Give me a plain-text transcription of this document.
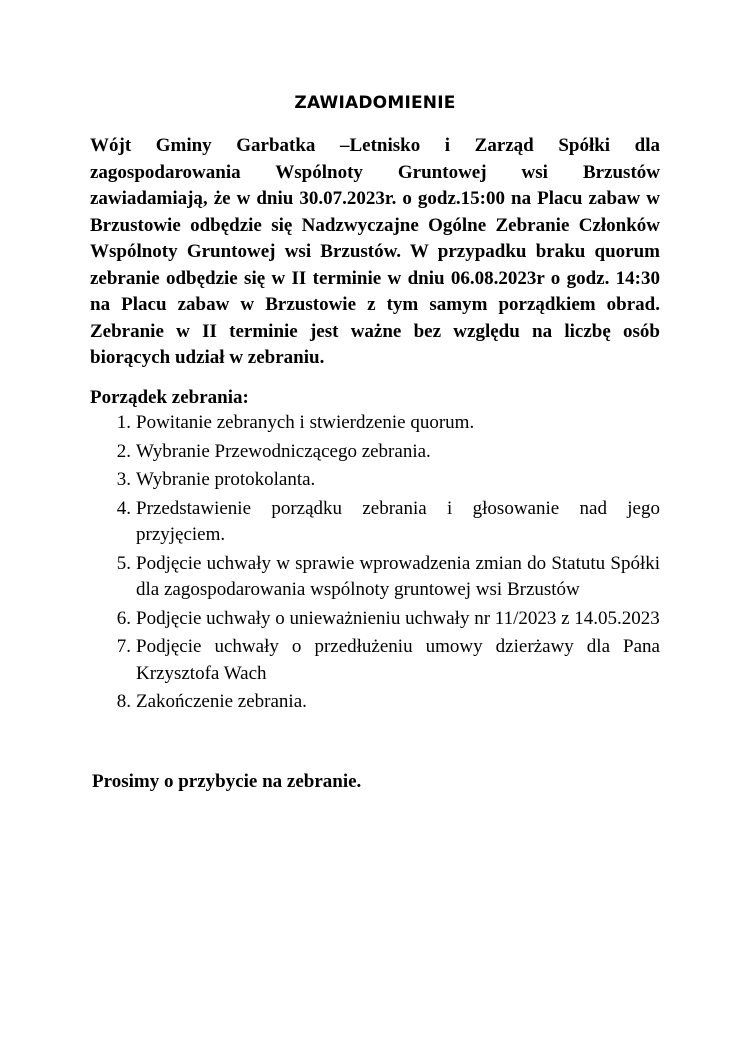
ZAWIADOMIENIE

Wójt Gminy Garbatka –Letnisko i Zarząd Spółki dla zagospodarowania Wspólnoty Gruntowej wsi Brzustów zawiadamiają, że w dniu 30.07.2023r. o godz.15:00 na Placu zabaw w Brzustowie odbędzie się Nadzwyczajne Ogólne Zebranie Członków Wspólnoty Gruntowej wsi Brzustów. W przypadku braku quorum zebranie odbędzie się w II terminie w dniu 06.08.2023r o godz. 14:30 na Placu zabaw w Brzustowie z tym samym porządkiem obrad. Zebranie w II terminie jest ważne bez względu na liczbę osób biorących udział w zebraniu.

Porządek zebrania:

1. Powitanie zebranych i stwierdzenie quorum.
2. Wybranie Przewodniczącego zebrania.
3. Wybranie protokolanta.
4. Przedstawienie porządku zebrania i głosowanie nad jego przyjęciem.
5. Podjęcie uchwały w sprawie wprowadzenia zmian do Statutu Spółki dla zagospodarowania wspólnoty gruntowej wsi Brzustów
6. Podjęcie uchwały o unieważnieniu uchwały nr 11/2023 z 14.05.2023
7. Podjęcie uchwały o przedłużeniu umowy dzierżawy dla Pana Krzysztofa Wach
8. Zakończenie zebrania.

Prosimy o przybycie na zebranie.
